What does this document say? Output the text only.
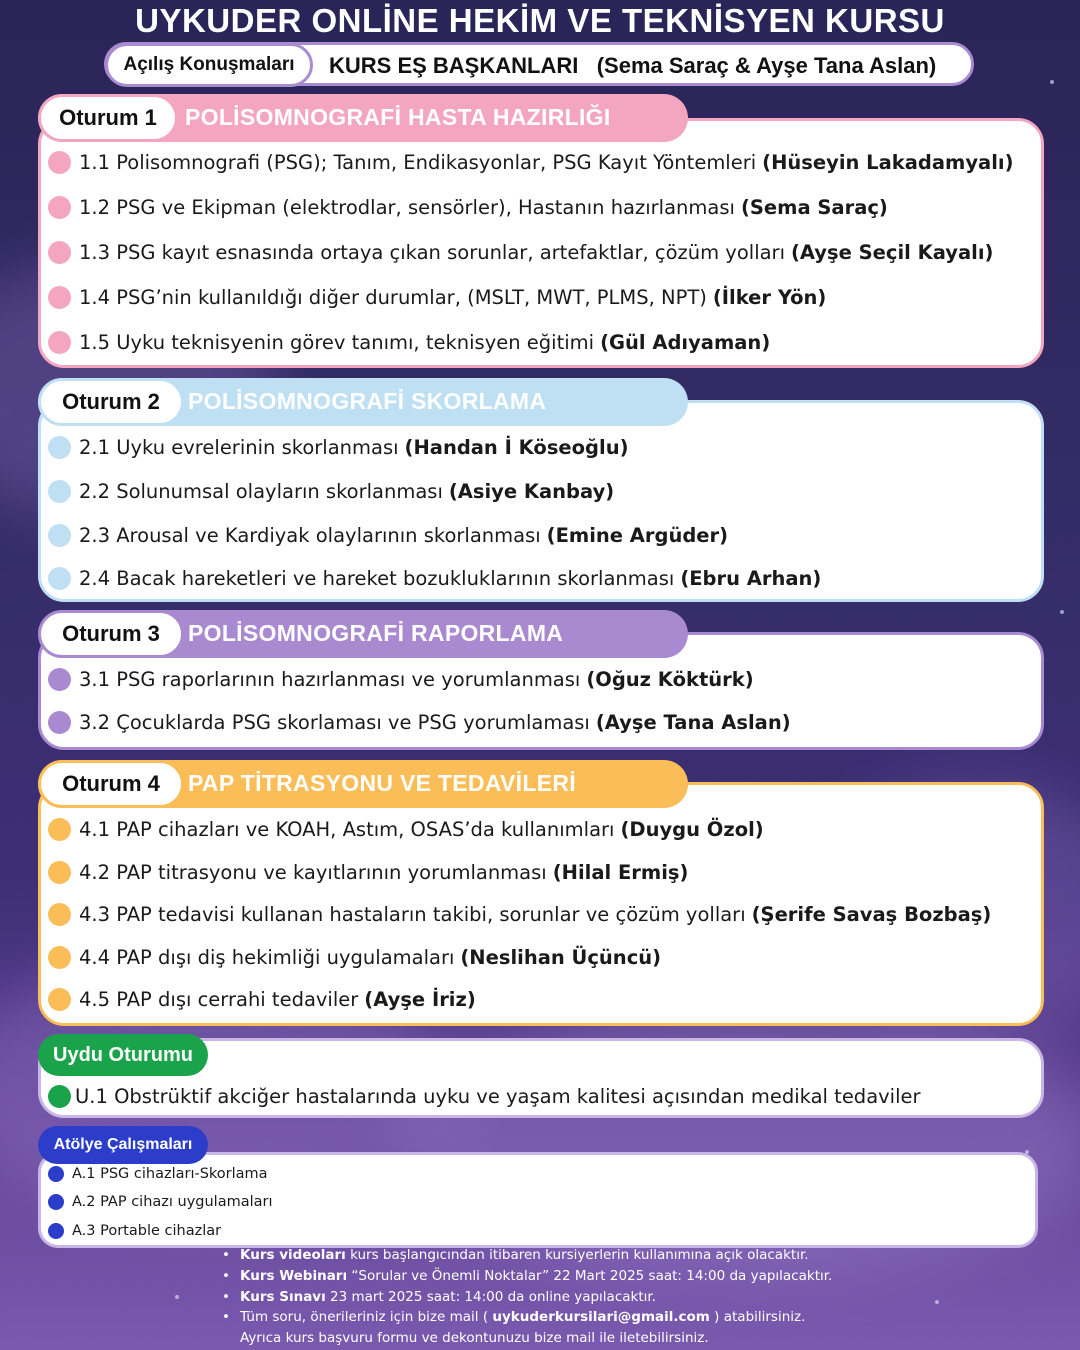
UYKUDER ONLİNE HEKİM VE TEKNİSYEN KURSU
Açılış Konuşmaları	KURS EŞ BAŞKANLARI (Sema Saraç & Ayşe Tana Aslan)
Oturum 1	POLİSOMNOGRAFİ HASTA HAZIRLIĞI
1.1 Polisomnografi (PSG); Tanım, Endikasyonlar, PSG Kayıt Yöntemleri (Hüseyin Lakadamyalı)
1.2 PSG ve Ekipman (elektrodlar, sensörler), Hastanın hazırlanması (Sema Saraç)
1.3 PSG kayıt esnasında ortaya çıkan sorunlar, artefaktlar, çözüm yolları (Ayşe Seçil Kayalı)
1.4 PSG’nin kullanıldığı diğer durumlar, (MSLT, MWT, PLMS, NPT) (İlker Yön)
1.5 Uyku teknisyenin görev tanımı, teknisyen eğitimi (Gül Adıyaman)
Oturum 2	POLİSOMNOGRAFİ SKORLAMA
2.1 Uyku evrelerinin skorlanması (Handan İ Köseoğlu)
2.2 Solunumsal olayların skorlanması (Asiye Kanbay)
2.3 Arousal ve Kardiyak olaylarının skorlanması (Emine Argüder)
2.4 Bacak hareketleri ve hareket bozukluklarının skorlanması (Ebru Arhan)
Oturum 3	POLİSOMNOGRAFİ RAPORLAMA
3.1 PSG raporlarının hazırlanması ve yorumlanması (Oğuz Köktürk)
3.2 Çocuklarda PSG skorlaması ve PSG yorumlaması (Ayşe Tana Aslan)
Oturum 4	PAP TİTRASYONU VE TEDAVİLERİ
4.1 PAP cihazları ve KOAH, Astım, OSAS’da kullanımları (Duygu Özol)
4.2 PAP titrasyonu ve kayıtlarının yorumlanması (Hilal Ermiş)
4.3 PAP tedavisi kullanan hastaların takibi, sorunlar ve çözüm yolları (Şerife Savaş Bozbaş)
4.4 PAP dışı diş hekimliği uygulamaları (Neslihan Üçüncü)
4.5 PAP dışı cerrahi tedaviler (Ayşe İriz)
Uydu Oturumu
U.1 Obstrüktif akciğer hastalarında uyku ve yaşam kalitesi açısından medikal tedaviler
Atölye Çalışmaları
A.1 PSG cihazları-Skorlama
A.2 PAP cihazı uygulamaları
A.3 Portable cihazlar
• Kurs videoları kurs başlangıcından itibaren kursiyerlerin kullanımına açık olacaktır.
• Kurs Webinarı “Sorular ve Önemli Noktalar” 22 Mart 2025 saat: 14:00 da yapılacaktır.
• Kurs Sınavı 23 mart 2025 saat: 14:00 da online yapılacaktır.
• Tüm soru, önerileriniz için bize mail ( uykuderkursilari@gmail.com ) atabilirsiniz.
Ayrıca kurs başvuru formu ve dekontunuzu bize mail ile iletebilirsiniz.
